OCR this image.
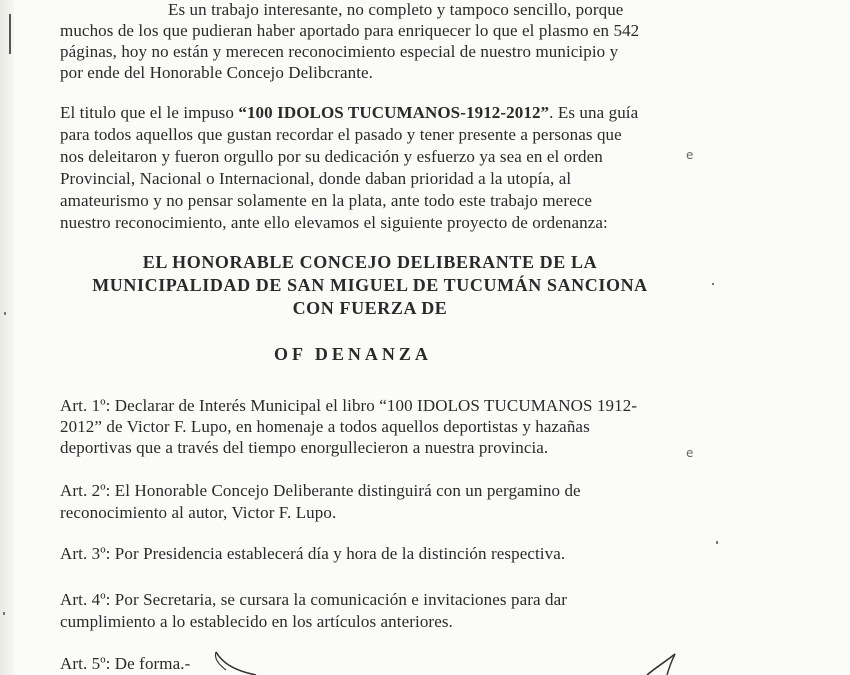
е
е
Es un trabajo interesante, no completo y tampoco sencillo, porque
muchos de los que pudieran haber aportado para enriquecer lo que el plasmo en 542
páginas, hoy no están y merecen reconocimiento especial de nuestro municipio y
por ende del Honorable Concejo Delibcrante.
El titulo que el le impuso “100 IDOLOS TUCUMANOS-1912-2012”. Es una guía
para todos aquellos que gustan recordar el pasado y tener presente a personas que
nos deleitaron y fueron orgullo por su dedicación y esfuerzo ya sea en el orden
Provincial, Nacional o Internacional, donde daban prioridad a la utopía, al
amateurismo y no pensar solamente en la plata, ante todo este trabajo merece
nuestro reconocimiento, ante ello elevamos el siguiente proyecto de ordenanza:
EL HONORABLE CONCEJO DELIBERANTE DE LA
MUNICIPALIDAD DE SAN MIGUEL DE TUCUMÁN SANCIONA
CON FUERZA DE
OF DENANZA
Art. 1º: Declarar de Interés Municipal el libro “100 IDOLOS TUCUMANOS 1912-
2012” de Victor F. Lupo, en homenaje a todos aquellos deportistas y hazañas
deportivas que a través del tiempo enorgullecieron a nuestra provincia.
Art. 2º: El Honorable Concejo Deliberante distinguirá con un pergamino de
reconocimiento al autor, Victor F. Lupo.
Art. 3º: Por Presidencia establecerá día y hora de la distinción respectiva.
Art. 4º: Por Secretaria, se cursara la comunicación e invitaciones para dar
cumplimiento a lo establecido en los artículos anteriores.
Art. 5º: De forma.-
